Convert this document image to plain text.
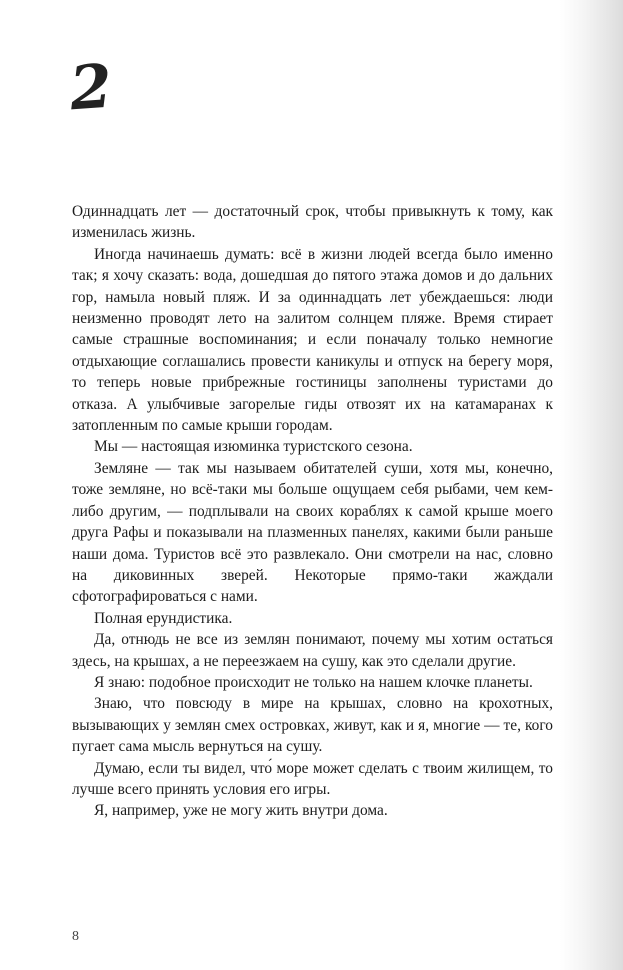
2

Одиннадцать лет — достаточный срок, чтобы привыкнуть к тому, как изменилась жизнь.

Иногда начинаешь думать: всё в жизни людей всегда было именно так; я хочу сказать: вода, дошедшая до пятого этажа домов и до дальних гор, намыла новый пляж. И за одиннадцать лет убеждаешься: люди неизменно проводят лето на залитом солнцем пляже. Время стирает самые страшные воспоминания; и если поначалу только немногие отдыхающие соглашались провести каникулы и отпуск на берегу моря, то теперь новые прибрежные гостиницы заполнены туристами до отказа. А улыбчивые загорелые гиды отвозят их на катамаранах к затопленным по самые крыши городам.

Мы — настоящая изюминка туристского сезона.

Земляне — так мы называем обитателей суши, хотя мы, конечно, тоже земляне, но всё-таки мы больше ощущаем себя рыбами, чем кем-либо другим, — подплывали на своих кораблях к самой крыше моего друга Рафы и показывали на плазменных панелях, какими были раньше наши дома. Туристов всё это развлекало. Они смотрели на нас, словно на диковинных зверей. Некоторые прямо-таки жаждали сфотографироваться с нами.

Полная ерундистика.

Да, отнюдь не все из землян понимают, почему мы хотим остаться здесь, на крышах, а не переезжаем на сушу, как это сделали другие.

Я знаю: подобное происходит не только на нашем клочке планеты.

Знаю, что повсюду в мире на крышах, словно на крохотных, вызывающих у землян смех островках, живут, как и я, многие — те, кого пугает сама мысль вернуться на сушу.

Думаю, если ты видел, что́ море может сделать с твоим жилищем, то лучше всего принять условия его игры.

Я, например, уже не могу жить внутри дома.

8
